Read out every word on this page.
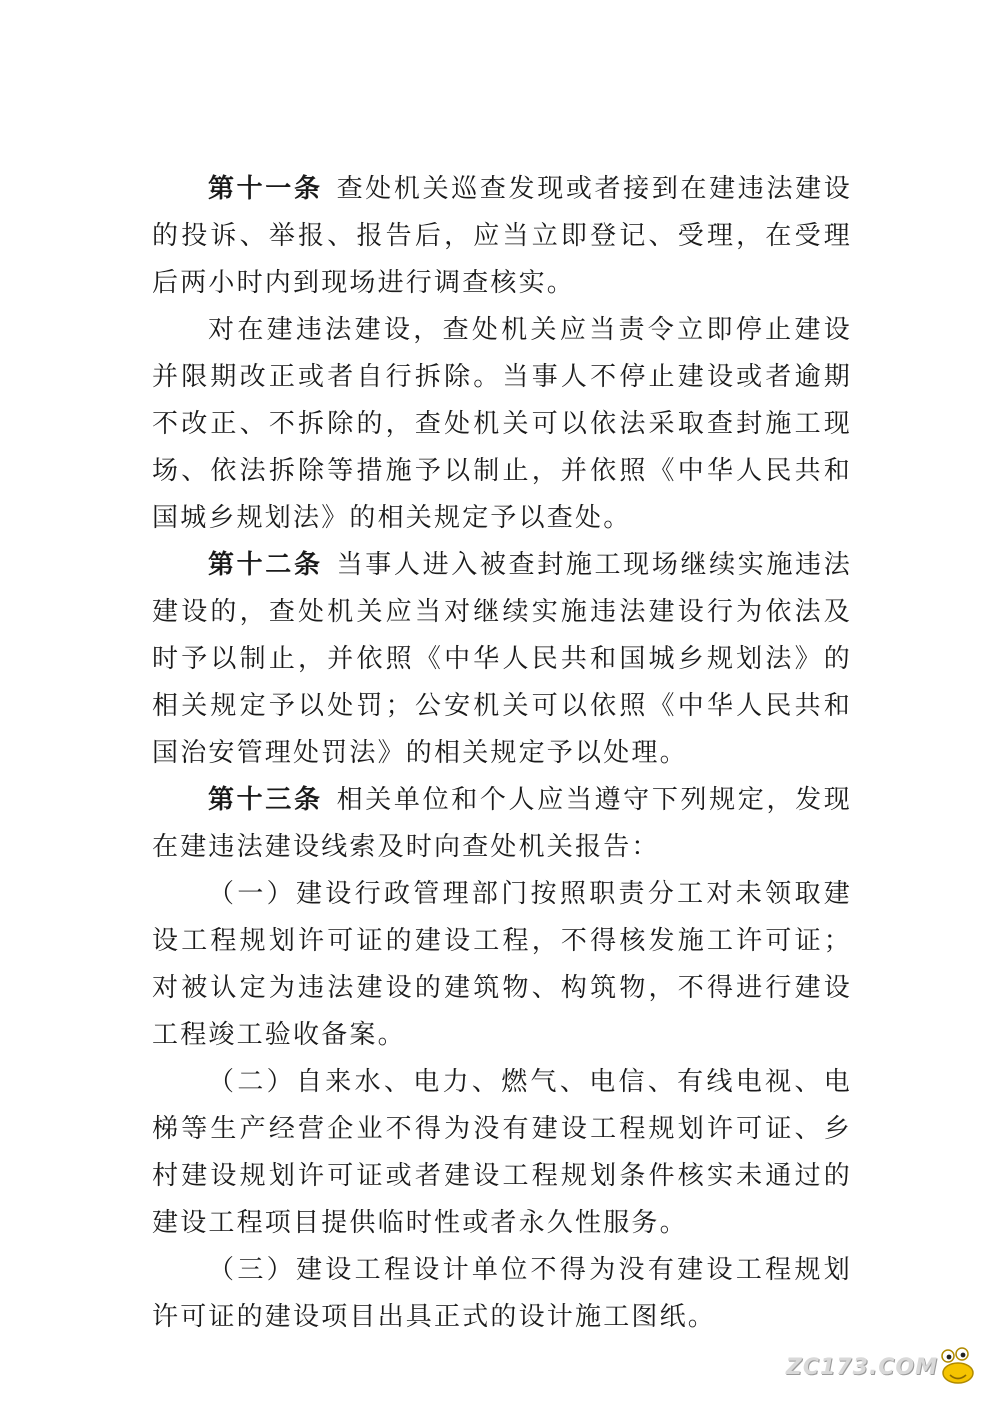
第十一条 查处机关巡查发现或者接到在建违法建设的投诉、举报、报告后，应当立即登记、受理，在受理后两小时内到现场进行调查核实。

对在建违法建设，查处机关应当责令立即停止建设并限期改正或者自行拆除。当事人不停止建设或者逾期不改正、不拆除的，查处机关可以依法采取查封施工现场、依法拆除等措施予以制止，并依照《中华人民共和国城乡规划法》的相关规定予以查处。

第十二条 当事人进入被查封施工现场继续实施违法建设的，查处机关应当对继续实施违法建设行为依法及时予以制止，并依照《中华人民共和国城乡规划法》的相关规定予以处罚；公安机关可以依照《中华人民共和国治安管理处罚法》的相关规定予以处理。

第十三条 相关单位和个人应当遵守下列规定，发现在建违法建设线索及时向查处机关报告：

（一）建设行政管理部门按照职责分工对未领取建设工程规划许可证的建设工程，不得核发施工许可证；对被认定为违法建设的建筑物、构筑物，不得进行建设工程竣工验收备案。

（二）自来水、电力、燃气、电信、有线电视、电梯等生产经营企业不得为没有建设工程规划许可证、乡村建设规划许可证或者建设工程规划条件核实未通过的建设工程项目提供临时性或者永久性服务。

（三）建设工程设计单位不得为没有建设工程规划许可证的建设项目出具正式的设计施工图纸。

ZC173.COM
